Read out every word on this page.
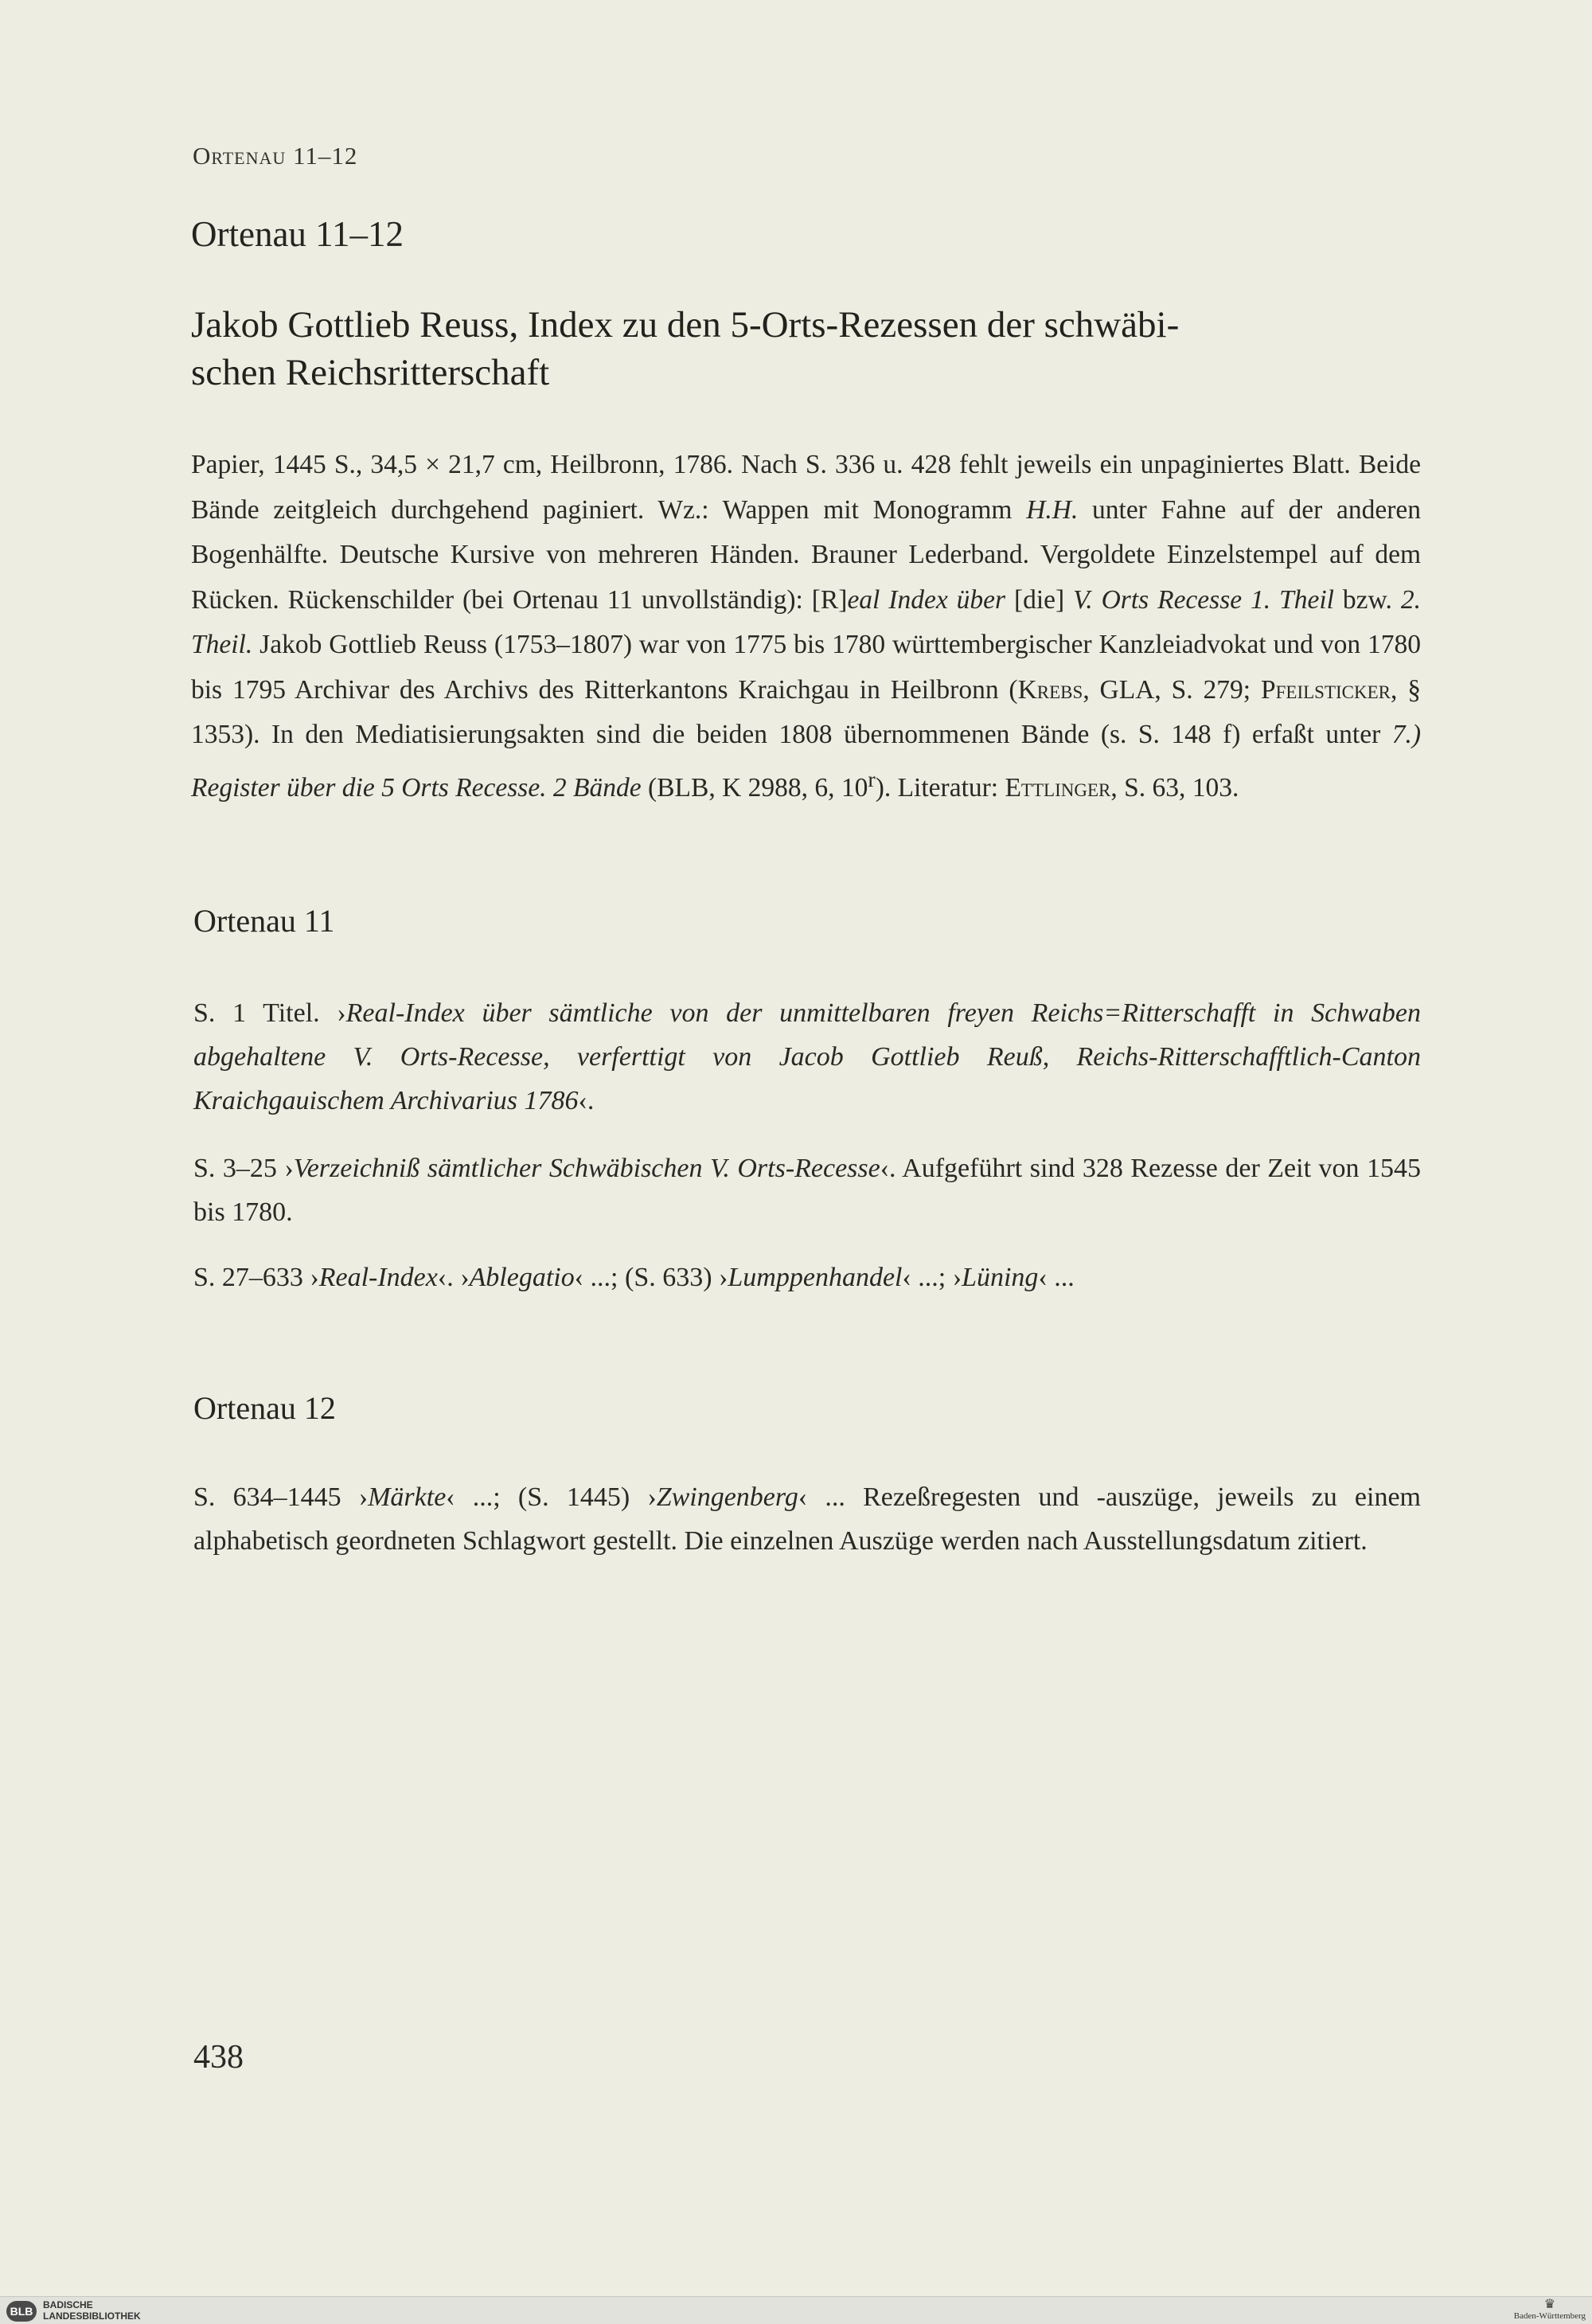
Ortenau 11–12
Ortenau 11–12
Jakob Gottlieb Reuss, Index zu den 5-Orts-Rezessen der schwäbi-
schen Reichsritterschaft
Papier, 1445 S., 34,5 × 21,7 cm, Heilbronn, 1786. Nach S. 336 u. 428 fehlt jeweils ein unpaginiertes Blatt. Beide Bände zeitgleich durchgehend paginiert. Wz.: Wappen mit Monogramm H.H. unter Fahne auf der anderen Bogenhälfte. Deutsche Kursive von mehreren Händen. Brauner Lederband. Vergoldete Einzelstempel auf dem Rücken. Rückenschilder (bei Ortenau 11 unvollständig): [R]eal Index über [die] V. Orts Recesse 1. Theil bzw. 2. Theil. Jakob Gottlieb Reuss (1753–1807) war von 1775 bis 1780 württembergischer Kanzleiadvokat und von 1780 bis 1795 Archivar des Archivs des Ritterkantons Kraichgau in Heilbronn (Krebs, GLA, S. 279; Pfeilsticker, § 1353). In den Mediatisierungsakten sind die beiden 1808 übernommenen Bände (s. S. 148 f) erfaßt unter 7.) Register über die 5 Orts Recesse. 2 Bände (BLB, K 2988, 6, 10$^r$). Literatur: Ettlinger, S. 63, 103.
Ortenau 11
S. 1 Titel. ›Real-Index über sämtliche von der unmittelbaren freyen Reichs=Ritterschafft in Schwaben abgehaltene V. Orts-Recesse, verferttigt von Jacob Gottlieb Reuß, Reichs-Ritterschafftlich-Canton Kraichgauischem Archivarius 1786‹.
S. 3–25 ›Verzeichniß sämtlicher Schwäbischen V. Orts-Recesse‹. Aufgeführt sind 328 Rezesse der Zeit von 1545 bis 1780.
S. 27–633 ›Real-Index‹. ›Ablegatio‹ ...; (S. 633) ›Lumppenhandel‹ ...; ›Lüning‹ ...
Ortenau 12
S. 634–1445 ›Märkte‹ ...; (S. 1445) ›Zwingenberg‹ ... Rezeßregesten und -auszüge, jeweils zu einem alphabetisch geordneten Schlagwort gestellt. Die einzelnen Auszüge werden nach Ausstellungsdatum zitiert.
438
BLB	BADISCHE
LANDESBIBLIOTHEK
♛
Baden-Württemberg
